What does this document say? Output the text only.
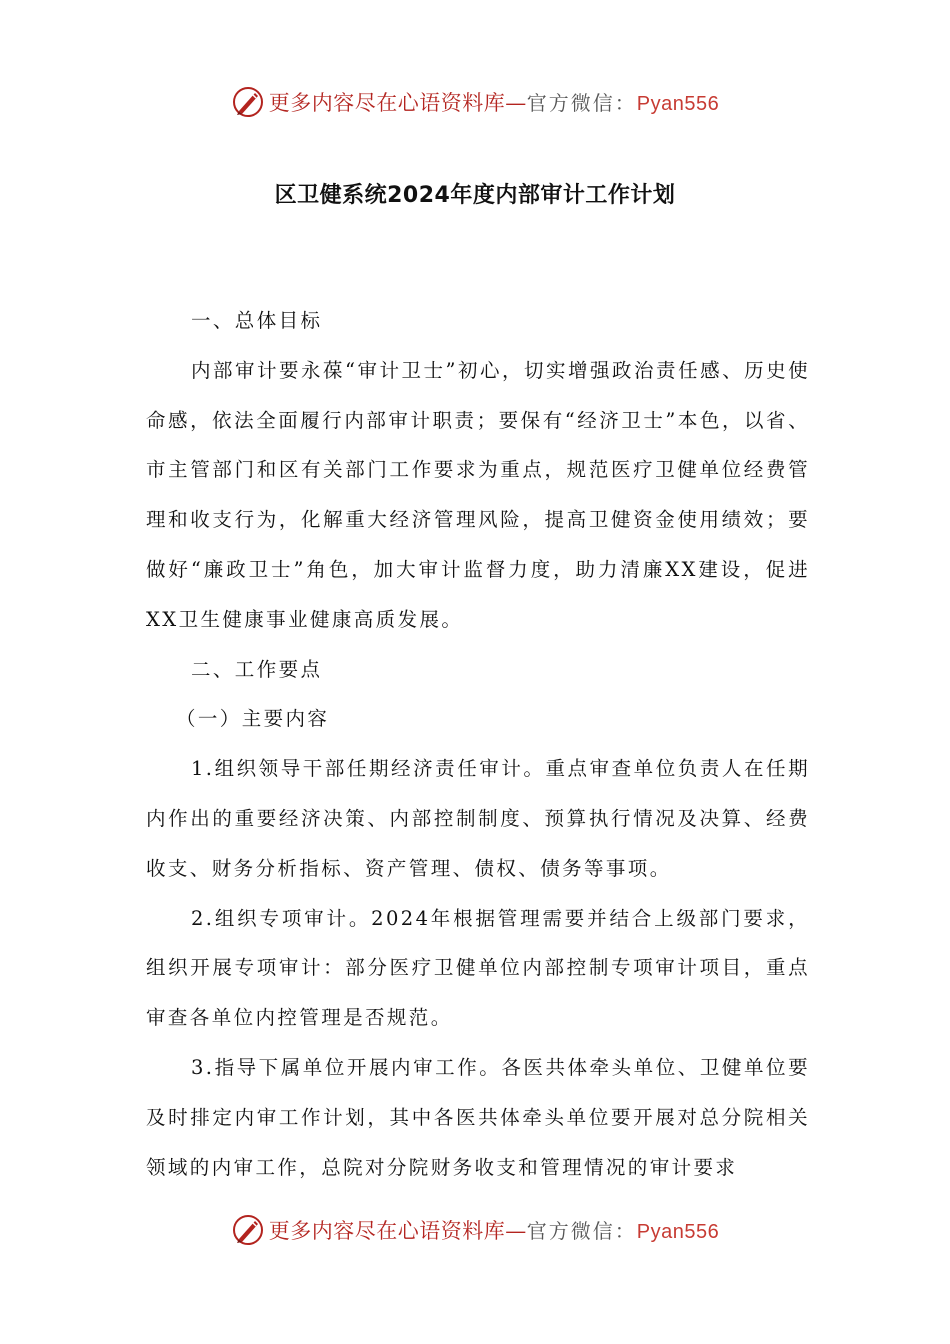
更多内容尽在心语资料库—官方微信：Pyan556
区卫健系统2024年度内部审计工作计划

一、总体目标

内部审计要永葆“审计卫士”初心，切实增强政治责任感、历史使命感，依法全面履行内部审计职责；要保有“经济卫士”本色，以省、市主管部门和区有关部门工作要求为重点，规范医疗卫健单位经费管理和收支行为，化解重大经济管理风险，提高卫健资金使用绩效；要做好“廉政卫士”角色，加大审计监督力度，助力清廉XX建设，促进XX卫生健康事业健康高质发展。

二、工作要点

（一）主要内容

1.组织领导干部任期经济责任审计。重点审查单位负责人在任期内作出的重要经济决策、内部控制制度、预算执行情况及决算、经费收支、财务分析指标、资产管理、债权、债务等事项。

2.组织专项审计。2024年根据管理需要并结合上级部门要求，组织开展专项审计：部分医疗卫健单位内部控制专项审计项目，重点审查各单位内控管理是否规范。

3.指导下属单位开展内审工作。各医共体牵头单位、卫健单位要及时排定内审工作计划，其中各医共体牵头单位要开展对总分院相关领域的内审工作，总院对分院财务收支和管理情况的审计要求

更多内容尽在心语资料库—官方微信：Pyan556
